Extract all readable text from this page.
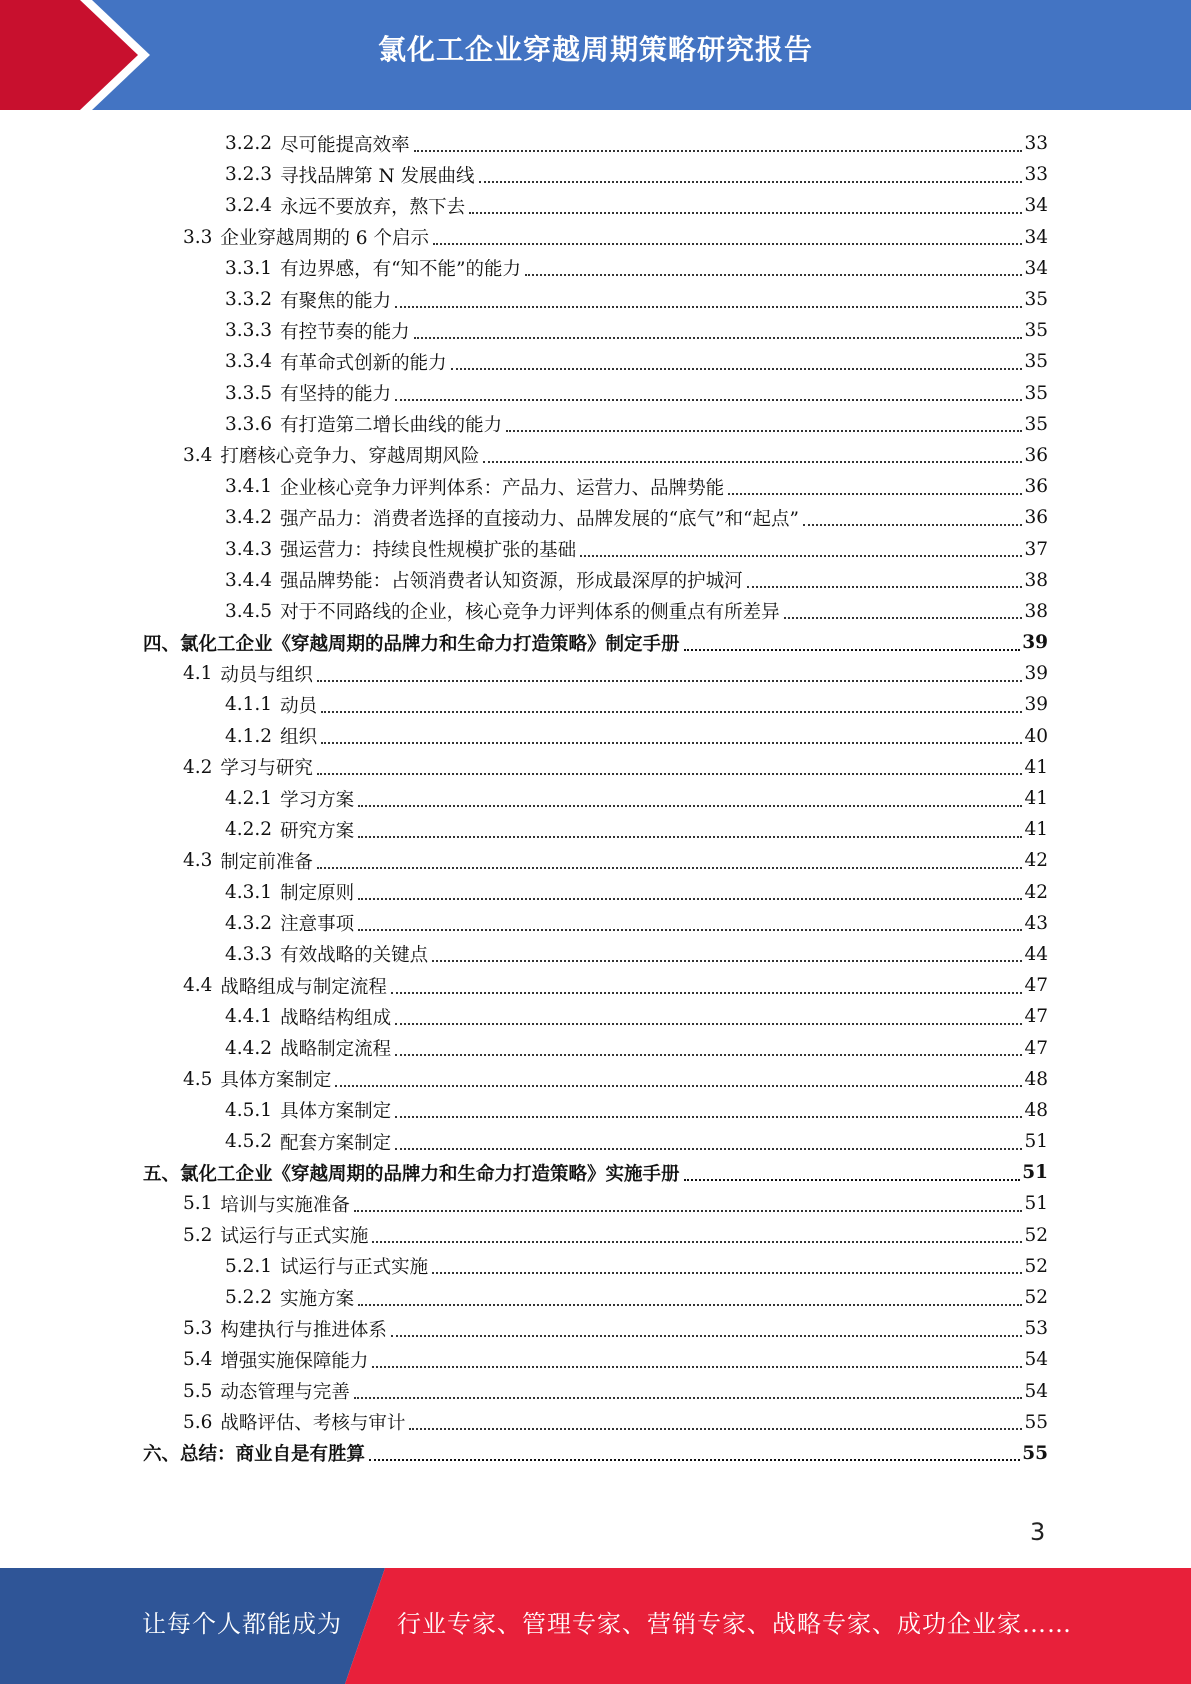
氯化工企业穿越周期策略研究报告
3.2.2 尽可能提高效率	33
3.2.3 寻找品牌第 N 发展曲线	33
3.2.4 永远不要放弃，熬下去	34
3.3 企业穿越周期的 6 个启示	34
3.3.1 有边界感，有“知不能”的能力	34
3.3.2 有聚焦的能力	35
3.3.3 有控节奏的能力	35
3.3.4 有革命式创新的能力	35
3.3.5 有坚持的能力	35
3.3.6 有打造第二增长曲线的能力	35
3.4 打磨核心竞争力、穿越周期风险	36
3.4.1 企业核心竞争力评判体系：产品力、运营力、品牌势能	36
3.4.2 强产品力：消费者选择的直接动力、品牌发展的“底气”和“起点”	36
3.4.3 强运营力：持续良性规模扩张的基础	37
3.4.4 强品牌势能：占领消费者认知资源，形成最深厚的护城河	38
3.4.5 对于不同路线的企业，核心竞争力评判体系的侧重点有所差异	38
四、氯化工企业《穿越周期的品牌力和生命力打造策略》制定手册	39
4.1 动员与组织	39
4.1.1 动员	39
4.1.2 组织	40
4.2 学习与研究	41
4.2.1 学习方案	41
4.2.2 研究方案	41
4.3 制定前准备	42
4.3.1 制定原则	42
4.3.2 注意事项	43
4.3.3 有效战略的关键点	44
4.4 战略组成与制定流程	47
4.4.1 战略结构组成	47
4.4.2 战略制定流程	47
4.5 具体方案制定	48
4.5.1 具体方案制定	48
4.5.2 配套方案制定	51
五、氯化工企业《穿越周期的品牌力和生命力打造策略》实施手册	51
5.1 培训与实施准备	51
5.2 试运行与正式实施	52
5.2.1 试运行与正式实施	52
5.2.2 实施方案	52
5.3 构建执行与推进体系	53
5.4 增强实施保障能力	54
5.5 动态管理与完善	54
5.6 战略评估、考核与审计	55
六、总结：商业自是有胜算	55
3
让每个人都能成为 行业专家、管理专家、营销专家、战略专家、成功企业家……
